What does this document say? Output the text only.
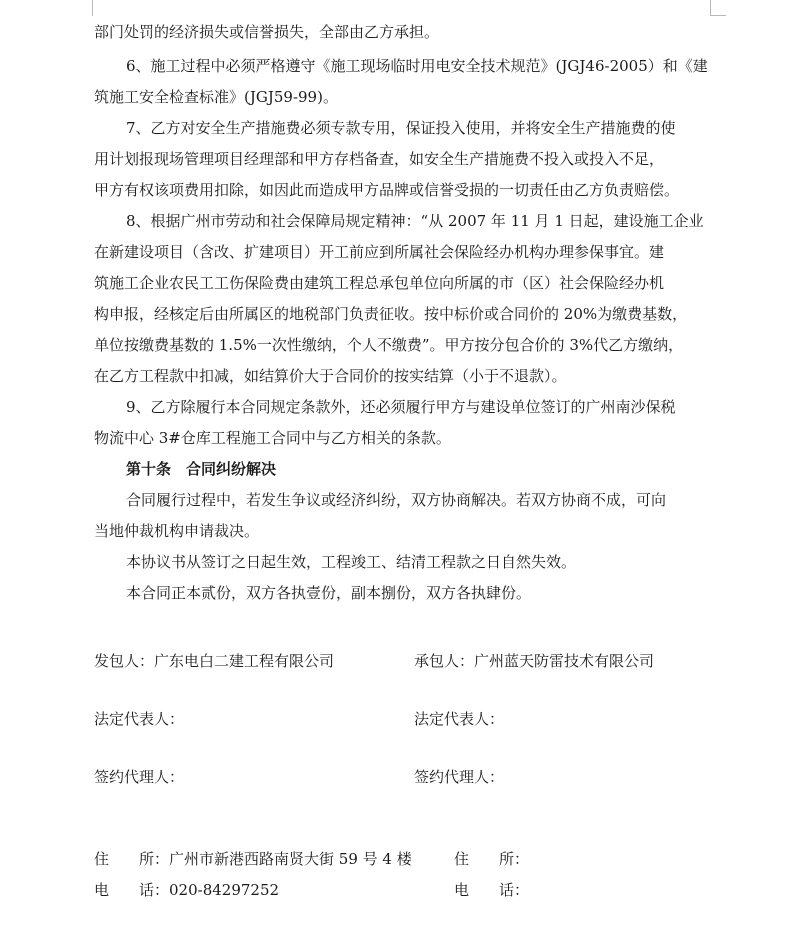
部门处罚的经济损失或信誉损失，全部由乙方承担。
6、施工过程中必须严格遵守《施工现场临时用电安全技术规范》(JGJ46-2005）和《建
筑施工安全检查标准》(JGJ59-99)。
7、乙方对安全生产措施费必须专款专用，保证投入使用，并将安全生产措施费的使
用计划报现场管理项目经理部和甲方存档备查，如安全生产措施费不投入或投入不足，
甲方有权该项费用扣除，如因此而造成甲方品牌或信誉受损的一切责任由乙方负责赔偿。
8、根据广州市劳动和社会保障局规定精神：“从 2007 年 11 月 1 日起，建设施工企业
在新建设项目（含改、扩建项目）开工前应到所属社会保险经办机构办理参保事宜。建
筑施工企业农民工工伤保险费由建筑工程总承包单位向所属的市（区）社会保险经办机
构申报，经核定后由所属区的地税部门负责征收。按中标价或合同价的 20%为缴费基数，
单位按缴费基数的 1.5%一次性缴纳，个人不缴费”。甲方按分包合价的 3%代乙方缴纳，
在乙方工程款中扣减，如结算价大于合同价的按实结算（小于不退款）。
9、乙方除履行本合同规定条款外，还必须履行甲方与建设单位签订的广州南沙保税
物流中心 3#仓库工程施工合同中与乙方相关的条款。
第十条　合同纠纷解决
合同履行过程中，若发生争议或经济纠纷，双方协商解决。若双方协商不成，可向
当地仲裁机构申请裁决。
本协议书从签订之日起生效，工程竣工、结清工程款之日自然失效。
本合同正本贰份，双方各执壹份，副本捌份，双方各执肆份。
发包人：广东电白二建工程有限公司
法定代表人：
签约代理人：
住　　所：广州市新港西路南贤大街 59 号 4 楼
电　　话：020-84297252
承包人：广州蓝天防雷技术有限公司
法定代表人：
签约代理人：
住　　所：
电　　话：
